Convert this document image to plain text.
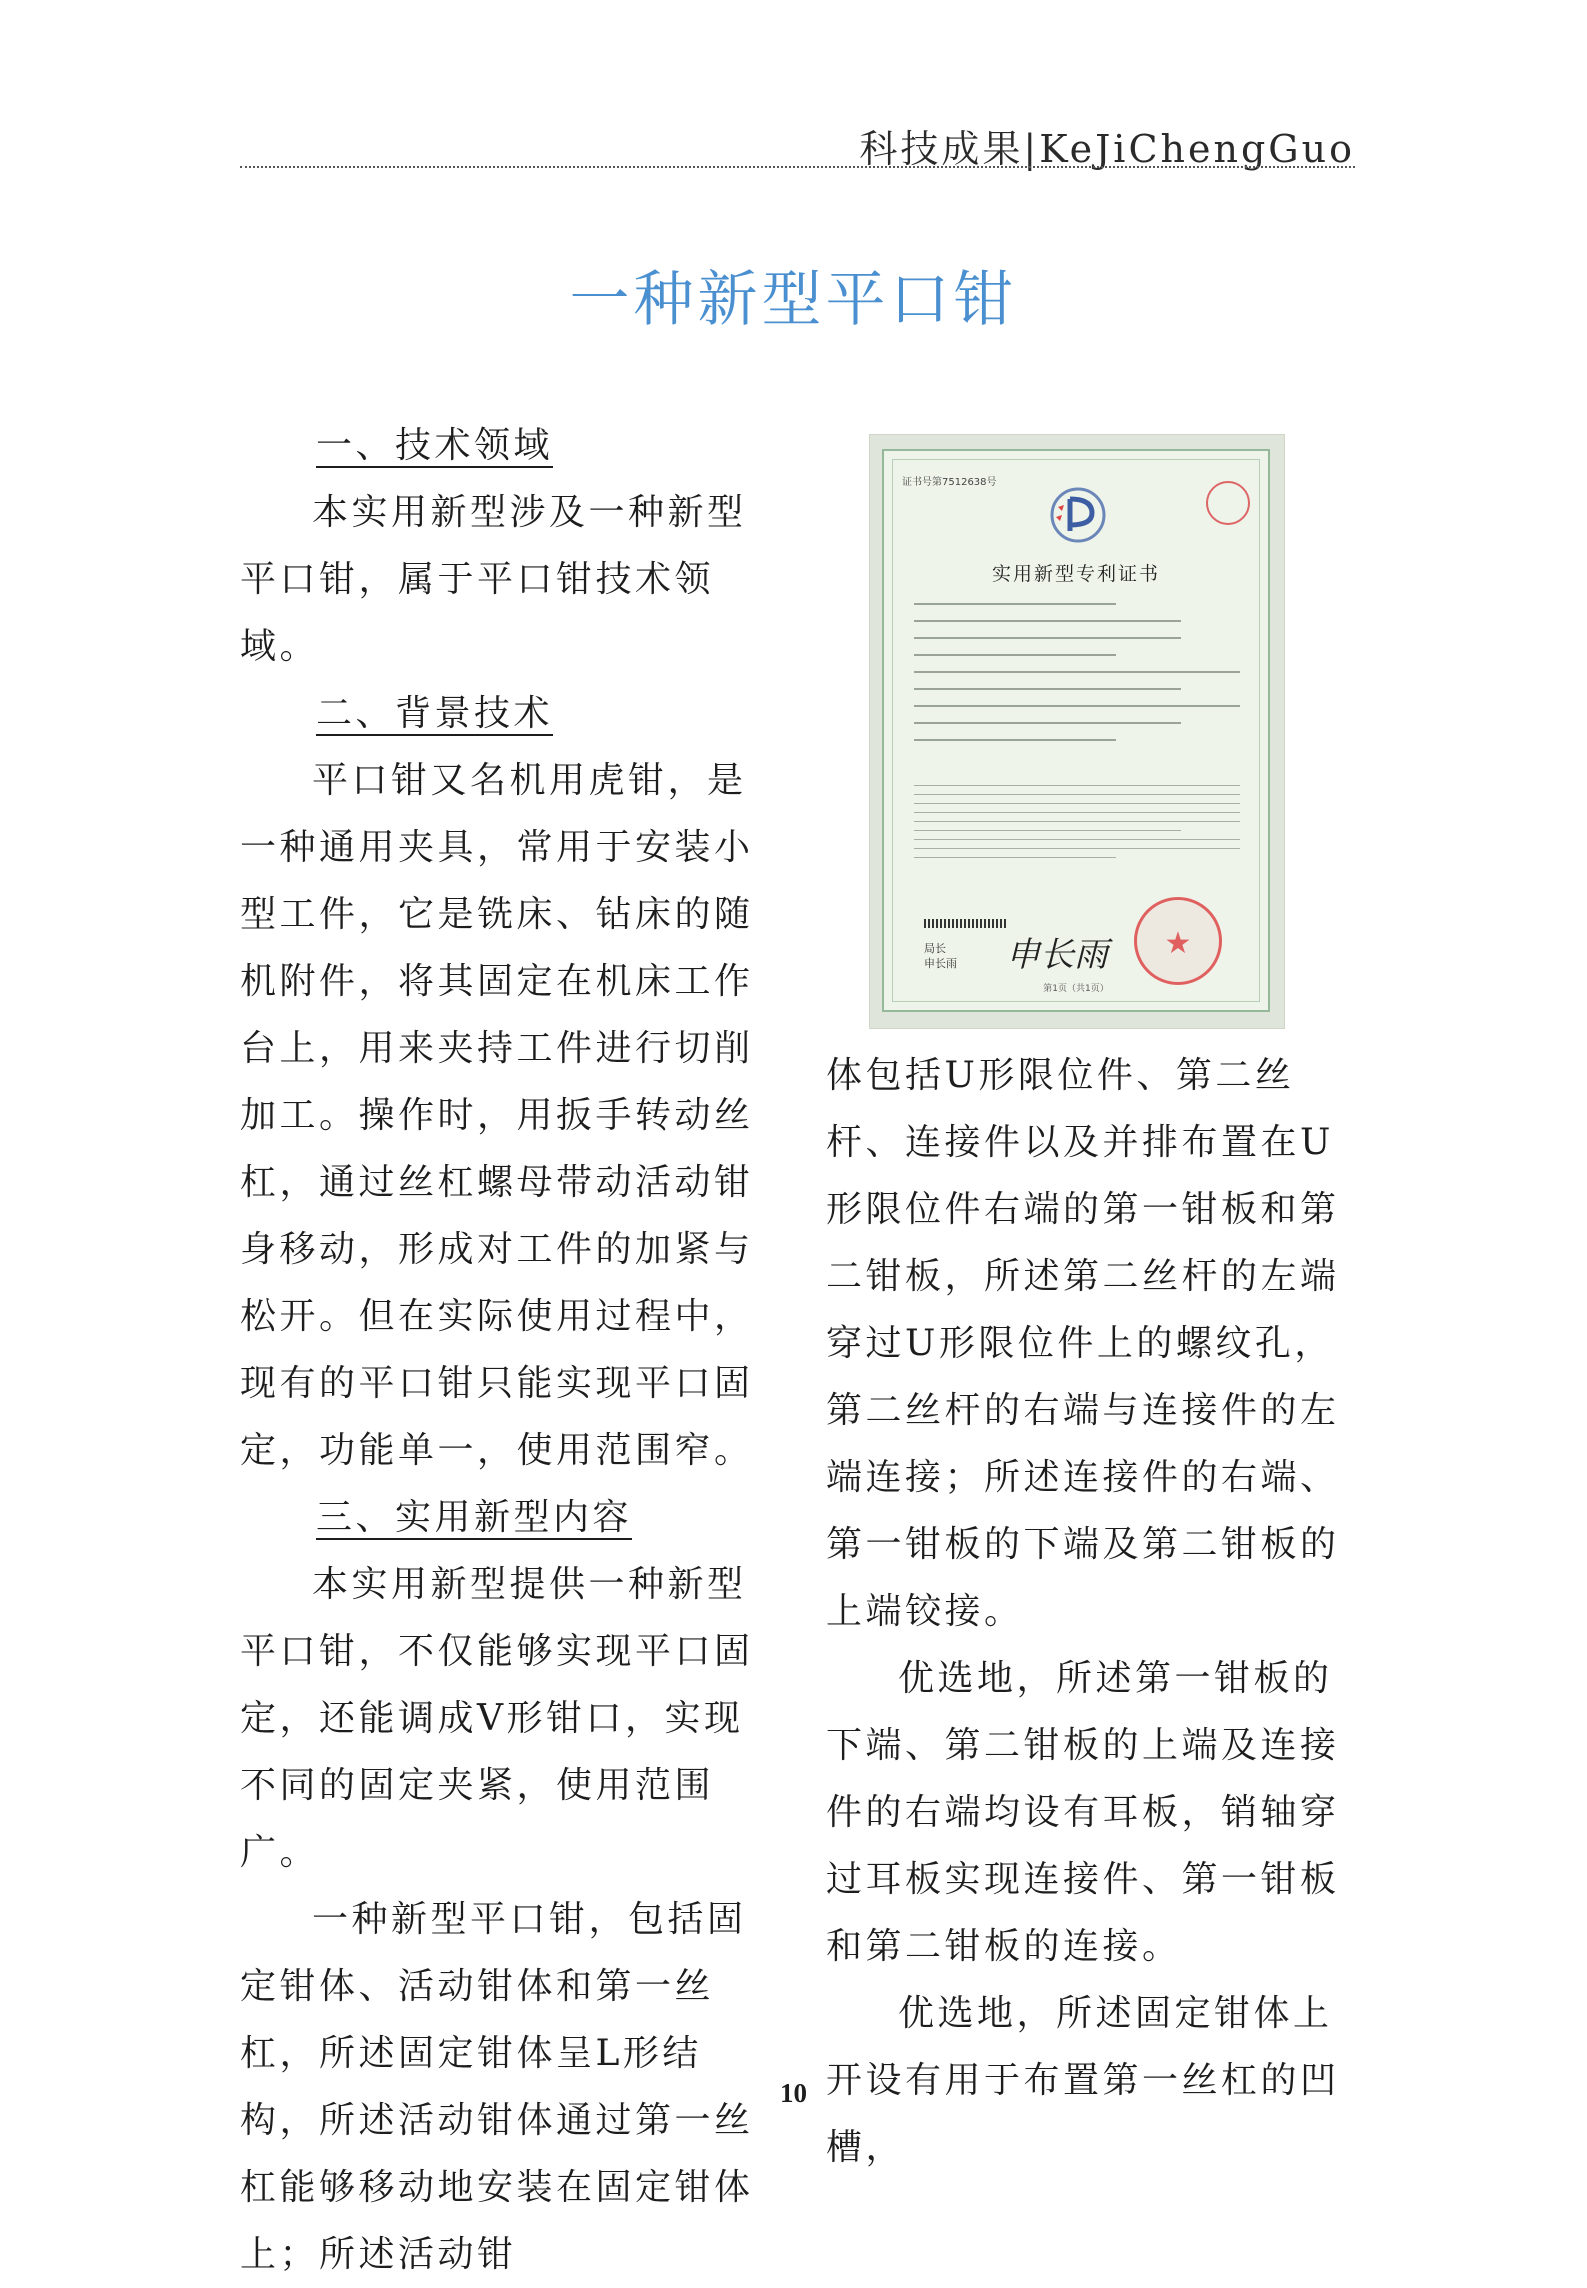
科技成果|KeJiChengGuo
一种新型平口钳

一、技术领域

本实用新型涉及一种新型平口钳，属于平口钳技术领域。

二、背景技术

平口钳又名机用虎钳，是一种通用夹具，常用于安装小型工件，它是铣床、钻床的随机附件，将其固定在机床工作台上，用来夹持工件进行切削加工。操作时，用扳手转动丝杠，通过丝杠螺母带动活动钳身移动，形成对工件的加紧与松开。但在实际使用过程中，现有的平口钳只能实现平口固定，功能单一，使用范围窄。

三、实用新型内容

本实用新型提供一种新型平口钳，不仅能够实现平口固定，还能调成V形钳口，实现不同的固定夹紧，使用范围广。

一种新型平口钳，包括固定钳体、活动钳体和第一丝杠，所述固定钳体呈L形结构，所述活动钳体通过第一丝杠能够移动地安装在固定钳体上；所述活动钳

证书号第7512638号
实用新型专利证书
局长
申长雨 申长雨	★
第1页（共1页）

体包括U形限位件、第二丝杆、连接件以及并排布置在U形限位件右端的第一钳板和第二钳板，所述第二丝杆的左端穿过U形限位件上的螺纹孔，第二丝杆的右端与连接件的左端连接；所述连接件的右端、第一钳板的下端及第二钳板的上端铰接。

优选地，所述第一钳板的下端、第二钳板的上端及连接件的右端均设有耳板，销轴穿过耳板实现连接件、第一钳板和第二钳板的连接。

优选地，所述固定钳体上开设有用于布置第一丝杠的凹槽，

10
